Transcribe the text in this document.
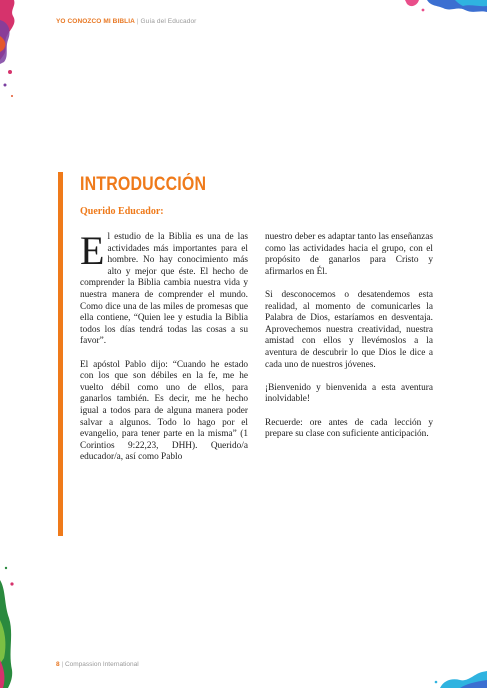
YO CONOZCO MI BIBLIA | Guía del Educador
INTRODUCCIÓN
Querido Educador:

El estudio de la Biblia es una de las actividades más importantes para el hombre. No hay conocimiento más alto y mejor que éste. El hecho de comprender la Biblia cambia nuestra vida y nuestra manera de comprender el mundo. Como dice una de las miles de promesas que ella contiene, “Quien lee y estudia la Biblia todos los días tendrá todas las cosas a su favor”.

El apóstol Pablo dijo: “Cuando he estado con los que son débiles en la fe, me he vuelto débil como uno de ellos, para ganarlos también. Es decir, me he hecho igual a todos para de alguna manera poder salvar a algunos. Todo lo hago por el evangelio, para tener parte en la misma” (1 Corintios 9:22,23, DHH). Querido/a educador/a, así como Pablo

nuestro deber es adaptar tanto las enseñanzas como las actividades hacia el grupo, con el propósito de ganarlos para Cristo y afirmarlos en Él.

Si desconocemos o desatendemos esta realidad, al momento de comunicarles la Palabra de Dios, estaríamos en desventaja. Aprovechemos nuestra creatividad, nuestra amistad con ellos y llevémoslos a la aventura de descubrir lo que Dios le dice a cada uno de nuestros jóvenes.

¡Bienvenido y bienvenida a esta aventura inolvidable!

Recuerde: ore antes de cada lección y prepare su clase con suficiente anticipación.

8 | Compassion International
